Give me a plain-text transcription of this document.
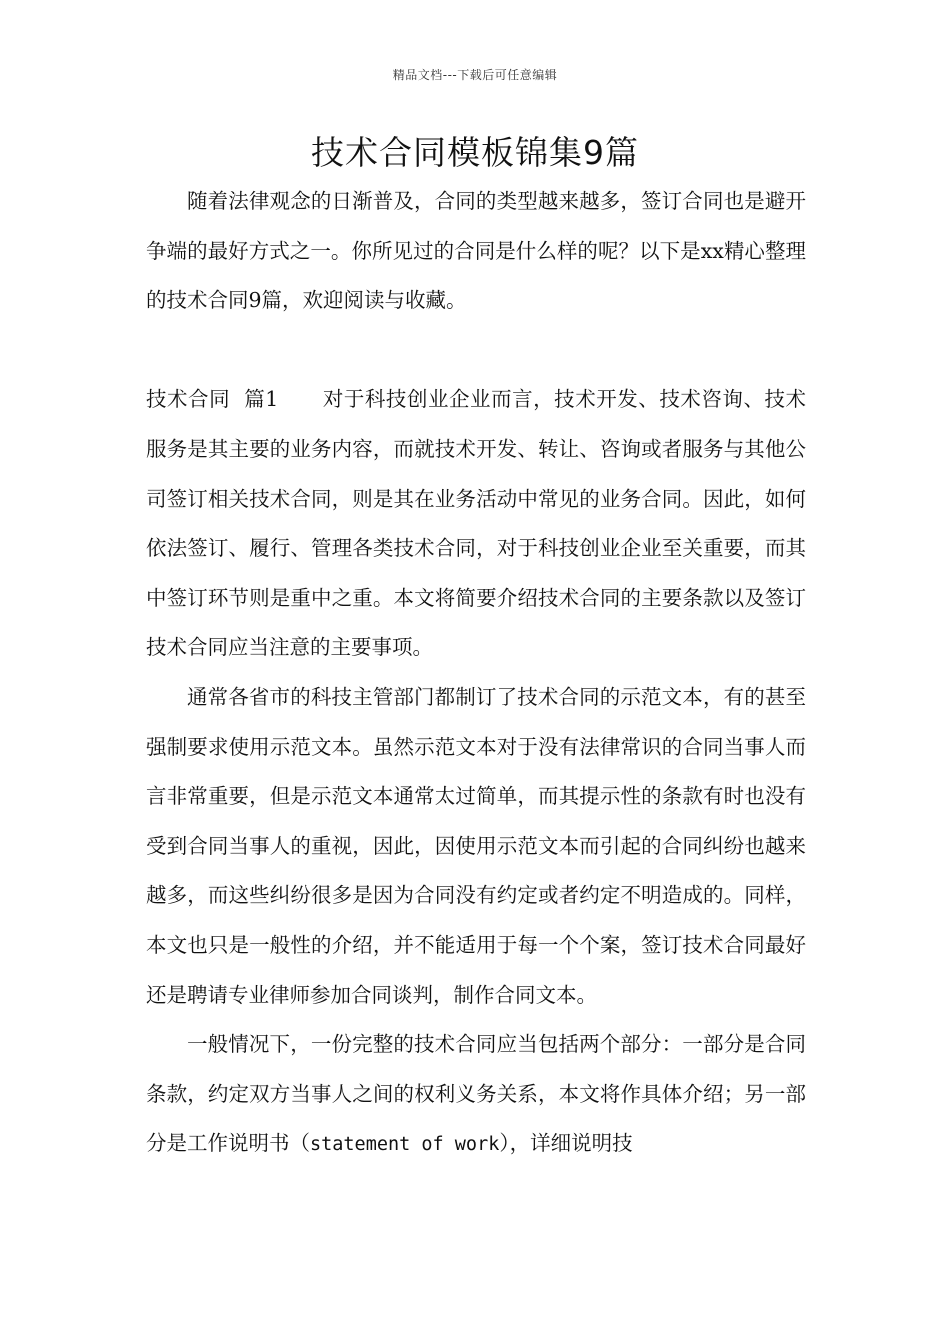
精品文档---下载后可任意编辑
技术合同模板锦集9篇

随着法律观念的日渐普及，合同的类型越来越多，签订合同也是避开争端的最好方式之一。你所见过的合同是什么样的呢？以下是xx精心整理的技术合同9篇，欢迎阅读与收藏。

技术合同  篇1 对于科技创业企业而言，技术开发、技术咨询、技术服务是其主要的业务内容，而就技术开发、转让、咨询或者服务与其他公司签订相关技术合同，则是其在业务活动中常见的业务合同。因此，如何依法签订、履行、管理各类技术合同，对于科技创业企业至关重要，而其中签订环节则是重中之重。本文将简要介绍技术合同的主要条款以及签订技术合同应当注意的主要事项。

通常各省市的科技主管部门都制订了技术合同的示范文本，有的甚至强制要求使用示范文本。虽然示范文本对于没有法律常识的合同当事人而言非常重要，但是示范文本通常太过简单，而其提示性的条款有时也没有受到合同当事人的重视，因此，因使用示范文本而引起的合同纠纷也越来越多，而这些纠纷很多是因为合同没有约定或者约定不明造成的。同样，本文也只是一般性的介绍，并不能适用于每一个个案，签订技术合同最好还是聘请专业律师参加合同谈判，制作合同文本。

一般情况下，一份完整的技术合同应当包括两个部分：一部分是合同条款，约定双方当事人之间的权利义务关系，本文将作具体介绍；另一部分是工作说明书（statement of work），详细说明技
